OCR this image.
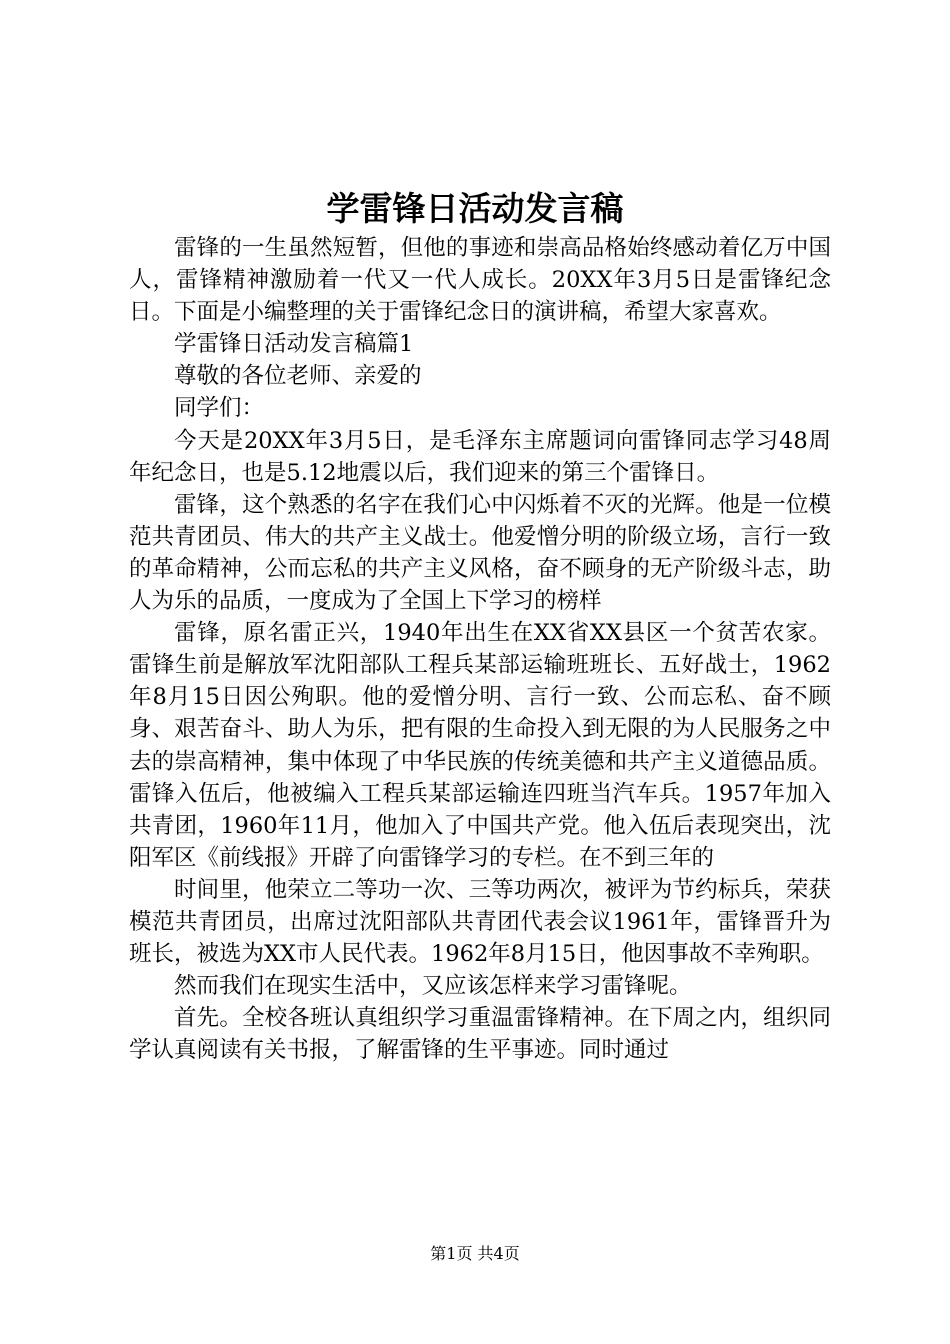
学雷锋日活动发言稿

雷锋的一生虽然短暂，但他的事迹和崇高品格始终感动着亿万中国人，雷锋精神激励着一代又一代人成长。20XX年3月5日是雷锋纪念日。下面是小编整理的关于雷锋纪念日的演讲稿，希望大家喜欢。

学雷锋日活动发言稿篇1

尊敬的各位老师、亲爱的

同学们：

今天是20XX年3月5日，是毛泽东主席题词向雷锋同志学习48周年纪念日，也是5.12地震以后，我们迎来的第三个雷锋日。

雷锋，这个熟悉的名字在我们心中闪烁着不灭的光辉。他是一位模范共青团员、伟大的共产主义战士。他爱憎分明的阶级立场，言行一致的革命精神，公而忘私的共产主义风格，奋不顾身的无产阶级斗志，助人为乐的品质，一度成为了全国上下学习的榜样

雷锋，原名雷正兴，1940年出生在XX省XX县区一个贫苦农家。雷锋生前是解放军沈阳部队工程兵某部运输班班长、五好战士，1962年8月15日因公殉职。他的爱憎分明、言行一致、公而忘私、奋不顾身、艰苦奋斗、助人为乐，把有限的生命投入到无限的为人民服务之中去的崇高精神，集中体现了中华民族的传统美德和共产主义道德品质。雷锋入伍后，他被编入工程兵某部运输连四班当汽车兵。1957年加入共青团，1960年11月，他加入了中国共产党。他入伍后表现突出，沈阳军区《前线报》开辟了向雷锋学习的专栏。在不到三年的

时间里，他荣立二等功一次、三等功两次，被评为节约标兵，荣获模范共青团员，出席过沈阳部队共青团代表会议1961年，雷锋晋升为班长，被选为XX市人民代表。1962年8月15日，他因事故不幸殉职。

然而我们在现实生活中，又应该怎样来学习雷锋呢。

首先。全校各班认真组织学习重温雷锋精神。在下周之内，组织同学认真阅读有关书报，了解雷锋的生平事迹。同时通过

第1页 共4页
